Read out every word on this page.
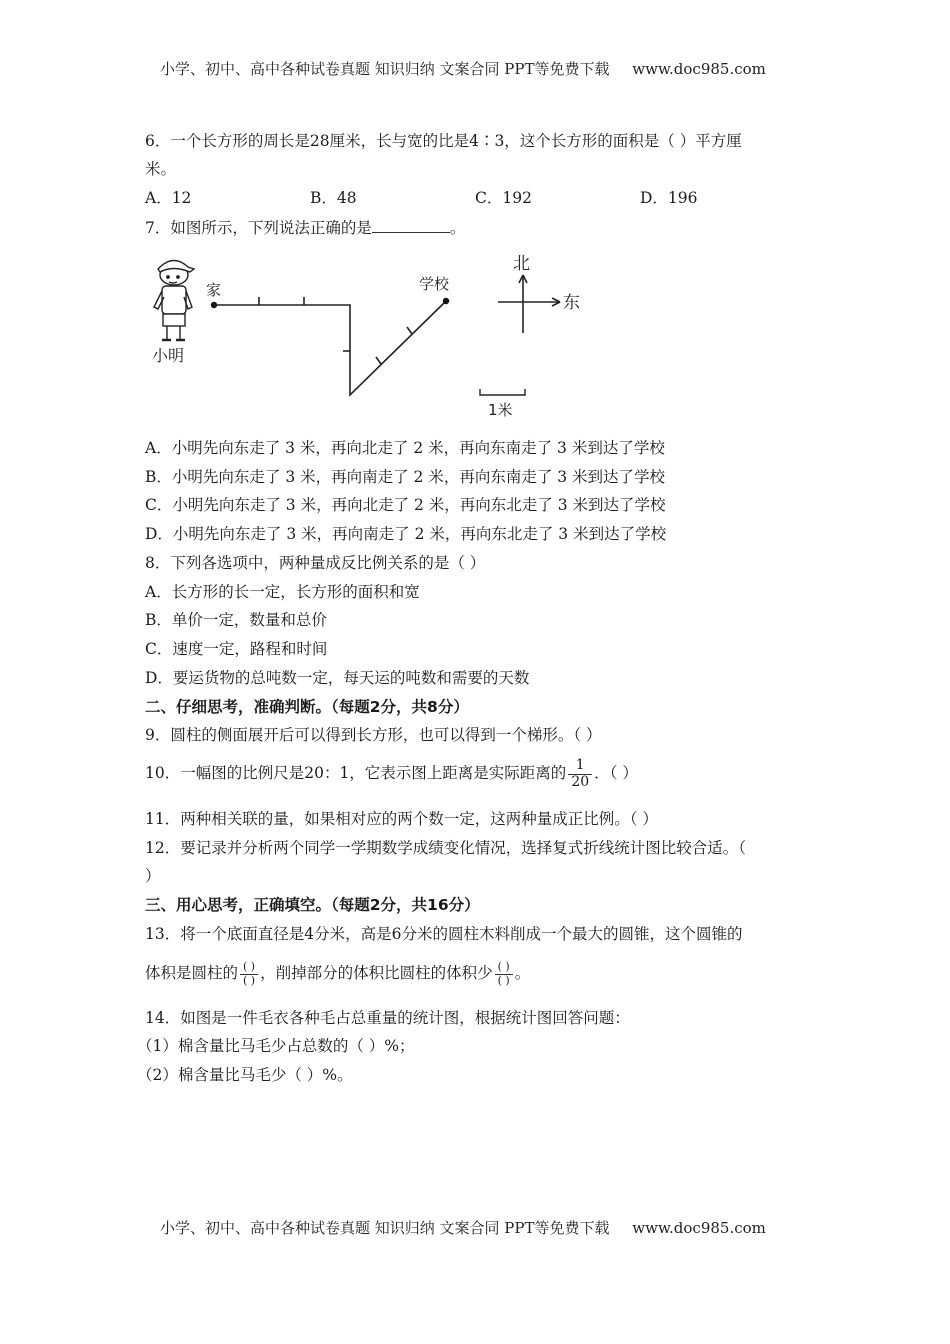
小学、初中、高中各种试卷真题 知识归纳 文案合同 PPT等免费下载 www.doc985.com
6．一个长方形的周长是28厘米，长与宽的比是4∶3，这个长方形的面积是（ ）平方厘
米。
A．12	B．48	C．192	D．196
7．如图所示，下列说法正确的是	。
小明
家	学校
北
东
1米
A．小明先向东走了 3 米，再向北走了 2 米，再向东南走了 3 米到达了学校
B．小明先向东走了 3 米，再向南走了 2 米，再向东南走了 3 米到达了学校
C．小明先向东走了 3 米，再向北走了 2 米，再向东北走了 3 米到达了学校
D．小明先向东走了 3 米，再向南走了 2 米，再向东北走了 3 米到达了学校
8．下列各选项中，两种量成反比例关系的是（ ）
A．长方形的长一定，长方形的面积和宽
B．单价一定，数量和总价
C．速度一定，路程和时间
D．要运货物的总吨数一定，每天运的吨数和需要的天数
二、仔细思考，准确判断。（每题2分，共8分）
9．圆柱的侧面展开后可以得到长方形，也可以得到一个梯形。（ ）
10．一幅图的比例尺是20：1，它表示图上距离是实际距离的 $\frac{1}{20}$ ．（ ）
11．两种相关联的量，如果相对应的两个数一定，这两种量成正比例。（ ）
12．要记录并分析两个同学一学期数学成绩变化情况，选择复式折线统计图比较合适。（
）
三、用心思考，正确填空。（每题2分，共16分）
13．将一个底面直径是4分米，高是6分米的圆柱木料削成一个最大的圆锥，这个圆锥的
体积是圆柱的 $\frac{( )}{( )}$ ，削掉部分的体积比圆柱的体积少 $\frac{( )}{( )}$ 。
14．如图是一件毛衣各种毛占总重量的统计图，根据统计图回答问题：
（1）棉含量比马毛少占总数的（ ）%；
（2）棉含量比马毛少（ ）%。
小学、初中、高中各种试卷真题 知识归纳 文案合同 PPT等免费下载 www.doc985.com
